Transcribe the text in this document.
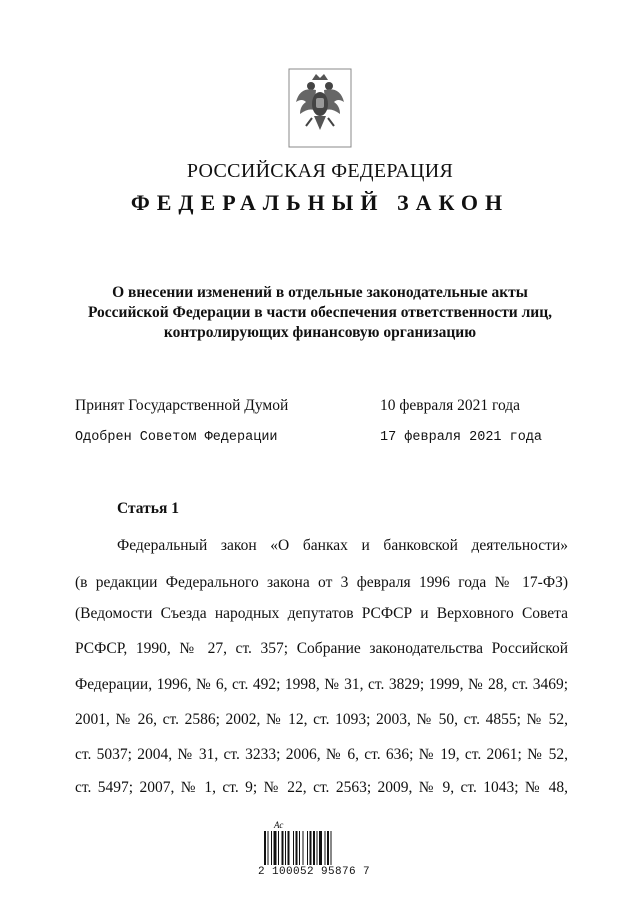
РОССИЙСКАЯ ФЕДЕРАЦИЯ
ФЕДЕРАЛЬНЫЙ ЗАКОН
О внесении изменений в отдельные законодательные акты
Российской Федерации в части обеспечения ответственности лиц,
контролирующих финансовую организацию
Принят Государственной Думой	10 февраля 2021 года
Одобрен Советом Федерации	17 февраля 2021 года
Статья 1
Федеральный закон «О банках и банковской деятельности»
(в редакции Федерального закона от 3 февраля 1996 года № 17-ФЗ)
(Ведомости Съезда народных депутатов РСФСР и Верховного Совета
РСФСР, 1990, № 27, ст. 357; Собрание законодательства Российской
Федерации, 1996, № 6, ст. 492; 1998, № 31, ст. 3829; 1999, № 28, ст. 3469;
2001, № 26, ст. 2586; 2002, № 12, ст. 1093; 2003, № 50, ст. 4855; № 52,
ст. 5037; 2004, № 31, ст. 3233; 2006, № 6, ст. 636; № 19, ст. 2061; № 52,
ст. 5497; 2007, № 1, ст. 9; № 22, ст. 2563; 2009, № 9, ст. 1043; № 48,
Ас
2 100052 95876 7
